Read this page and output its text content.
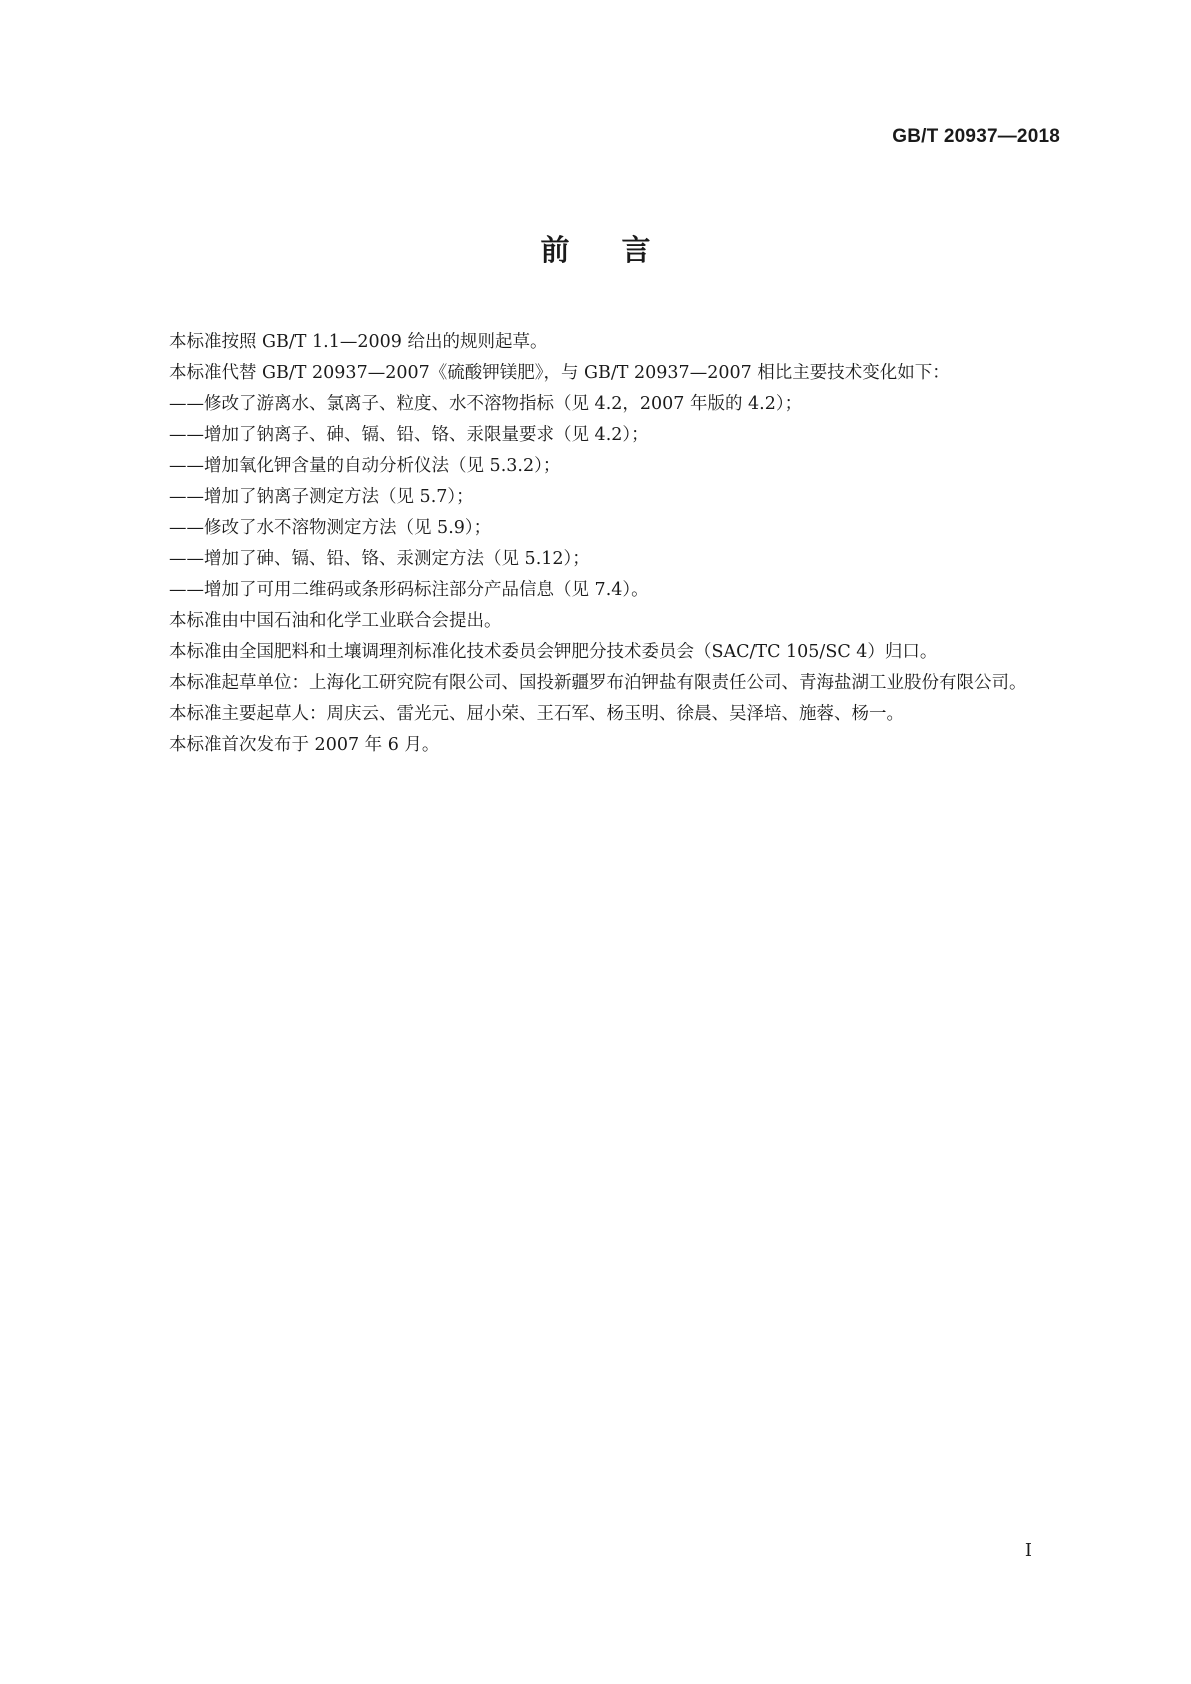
GB/T 20937—2018
前言

本标准按照 GB/T 1.1—2009 给出的规则起草。

本标准代替 GB/T 20937—2007《硫酸钾镁肥》，与 GB/T 20937—2007 相比主要技术变化如下：

——修改了游离水、氯离子、粒度、水不溶物指标（见 4.2，2007 年版的 4.2）；

——增加了钠离子、砷、镉、铅、铬、汞限量要求（见 4.2）；

——增加氧化钾含量的自动分析仪法（见 5.3.2）；

——增加了钠离子测定方法（见 5.7）；

——修改了水不溶物测定方法（见 5.9）；

——增加了砷、镉、铅、铬、汞测定方法（见 5.12）；

——增加了可用二维码或条形码标注部分产品信息（见 7.4）。

本标准由中国石油和化学工业联合会提出。

本标准由全国肥料和土壤调理剂标准化技术委员会钾肥分技术委员会（SAC/TC 105/SC 4）归口。

本标准起草单位：上海化工研究院有限公司、国投新疆罗布泊钾盐有限责任公司、青海盐湖工业股份有限公司。

本标准主要起草人：周庆云、雷光元、屈小荣、王石军、杨玉明、徐晨、吴泽培、施蓉、杨一。

本标准首次发布于 2007 年 6 月。

I
